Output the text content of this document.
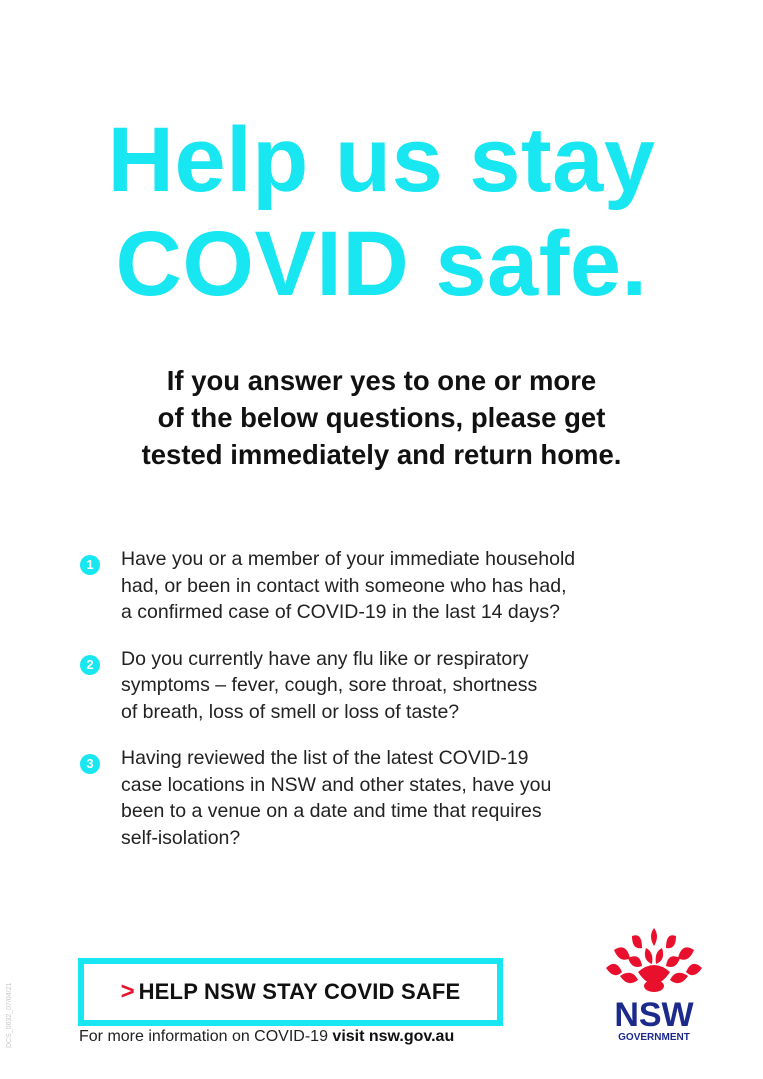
Help us stay
COVID safe.

If you answer yes to one or more
of the below questions, please get
tested immediately and return home.

1	Have you or a member of your immediate household
had, or been in contact with someone who has had,
a confirmed case of COVID-19 in the last 14 days?
2	Do you currently have any flu like or respiratory
symptoms – fever, cough, sore throat, shortness
of breath, loss of smell or loss of taste?
3	Having reviewed the list of the latest COVID-19
case locations in NSW and other states, have you
been to a venue on a date and time that requires
self-isolation?
DCS_0632_07/04/21	> HELP NSW STAY COVID SAFE
For more information on COVID-19 visit nsw.gov.au
NSW
GOVERNMENT
